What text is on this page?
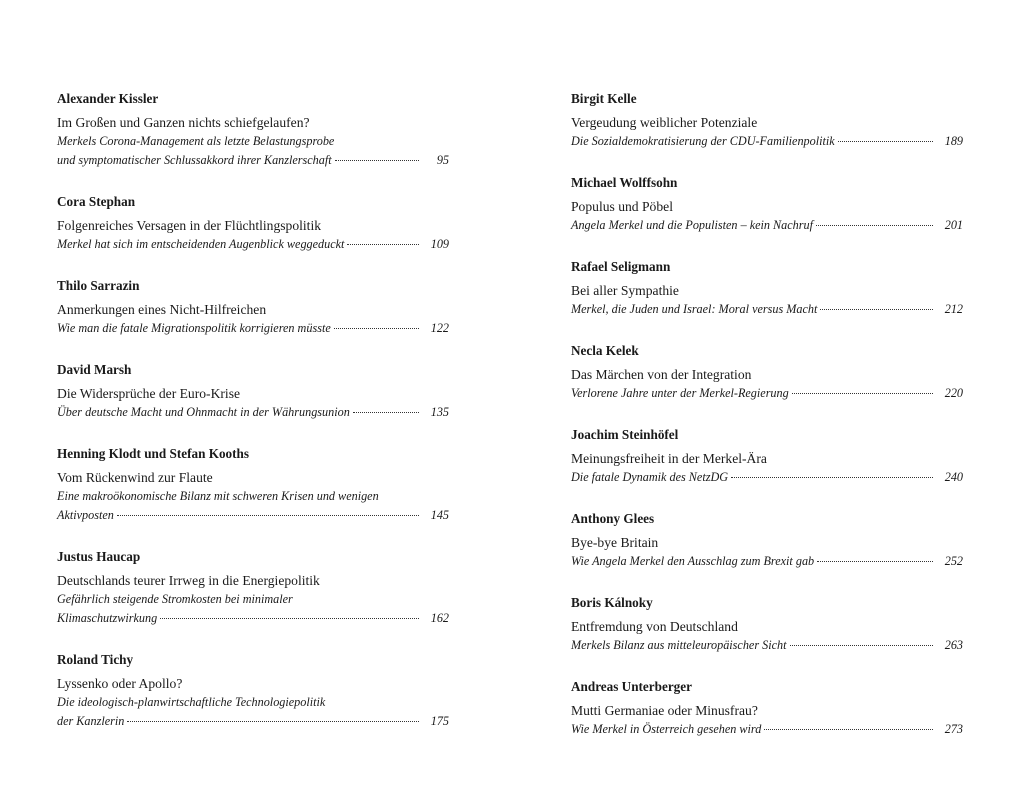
Alexander Kissler
Im Großen und Ganzen nichts schiefgelaufen?
Merkels Corona-Management als letzte Belastungsprobe
und symptomatischer Schlussakkord ihrer Kanzlerschaft	95
Cora Stephan
Folgenreiches Versagen in der Flüchtlingspolitik
Merkel hat sich im entscheidenden Augenblick weggeduckt	109
Thilo Sarrazin
Anmerkungen eines Nicht-Hilfreichen
Wie man die fatale Migrationspolitik korrigieren müsste	122
David Marsh
Die Widersprüche der Euro-Krise
Über deutsche Macht und Ohnmacht in der Währungsunion	135
Henning Klodt und Stefan Kooths
Vom Rückenwind zur Flaute
Eine makroökonomische Bilanz mit schweren Krisen und wenigen
Aktivposten	145
Justus Haucap
Deutschlands teurer Irrweg in die Energiepolitik
Gefährlich steigende Stromkosten bei minimaler
Klimaschutzwirkung	162
Roland Tichy
Lyssenko oder Apollo?
Die ideologisch-planwirtschaftliche Technologiepolitik
der Kanzlerin	175
Birgit Kelle
Vergeudung weiblicher Potenziale
Die Sozialdemokratisierung der CDU-Familienpolitik	189
Michael Wolffsohn
Populus und Pöbel
Angela Merkel und die Populisten – kein Nachruf	201
Rafael Seligmann
Bei aller Sympathie
Merkel, die Juden und Israel: Moral versus Macht	212
Necla Kelek
Das Märchen von der Integration
Verlorene Jahre unter der Merkel-Regierung	220
Joachim Steinhöfel
Meinungsfreiheit in der Merkel-Ära
Die fatale Dynamik des NetzDG	240
Anthony Glees
Bye-bye Britain
Wie Angela Merkel den Ausschlag zum Brexit gab	252
Boris Kálnoky
Entfremdung von Deutschland
Merkels Bilanz aus mitteleuropäischer Sicht	263
Andreas Unterberger
Mutti Germaniae oder Minusfrau?
Wie Merkel in Österreich gesehen wird	273
